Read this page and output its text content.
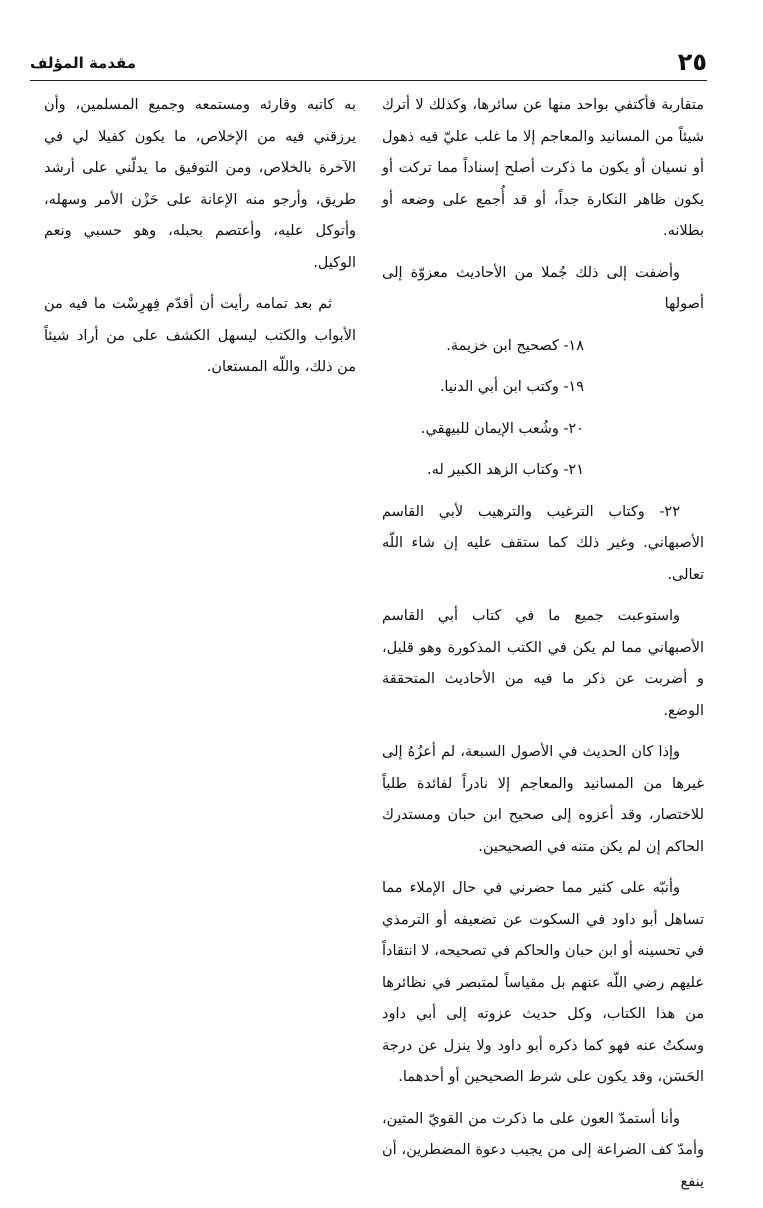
٢٥
مقدمة المؤلف

متقاربة فأكتفي بواحد منها عن سائرها، وكذلك لا أترك شيئاً من المسانيد والمعاجم إلا ما غلب عليّ فيه ذهول أو نسيان أو يكون ما ذكرت أصلح إسناداً مما تركت أو يكون ظاهر النكارة جداً، أو قد أُجمع على وضعه أو بطلانه.

وأضفت إلى ذلك جُملا من الأحاديث معزوّة إلى أصولها

١٨- كصحيح ابن خزيمة.

١٩- وكتب ابن أبي الدنيا.

٢٠- وشُعب الإيمان للبيهقي.

٢١- وكتاب الزهد الكبير له.

٢٢- وكتاب الترغيب والترهيب لأبي القاسم الأصبهاني. وغير ذلك كما ستقف عليه إن شاء اللّه تعالى.

واستوعبت جميع ما في كتاب أبي القاسم الأصبهاني مما لم يكن في الكتب المذكورة وهو قليل، و أضربت عن ذكر ما فيه من الأحاديث المتحققة الوضع.

وإذا كان الحديث في الأصول السبعة، لم أعزُهُ إلى غيرها من المسانيد والمعاجم إلا نادراً لفائدة طلباً للاختصار، وقد أعزوه إلى صحيح ابن حبان ومستدرك الحاكم إن لم يكن متنه في الصحيحين.

وأنبّه على كثير مما حضرني في حال الإملاء مما تساهل أبو داود في السكوت عن تضعيفه أو الترمذي في تحسينه أو ابن حبان والحاكم في تصحيحه، لا انتقاداً عليهم رضي اللّه عنهم بل مقياساً لمتبصر في نظائرها من هذا الكتاب، وكل حديث عزوته إلى أبي داود وسكتُ عنه فهو كما ذكره أبو داود ولا ينزل عن درجة الحَسَن، وقد يكون على شرط الصحيحين أو أحدهما.

وأنا أستمدّ العون على ما ذكرت من القويّ المتين، وأمدّ كف الضراعة إلى من يجيب دعوة المضطرين، أن ينفع

به كاتبه وقارئه ومستمعه وجميع المسلمين، وأن يرزقني فيه من الإخلاص، ما يكون كفيلا لي في الآخرة بالخلاص، ومن التوفيق ما يدلّني على أرشد طريق، وأرجو منه الإعانة على حَزْن الأمر وسهله، وأتوكل عليه، وأعتصم بحبله، وهو حسبي ونعم الوكيل.

ثم بعد تمامه رأيت أن أقدّم فِهرِسْت ما فيه من الأبواب والكتب ليسهل الكشف على من أراد شيئاً من ذلك، واللّه المستعان.
